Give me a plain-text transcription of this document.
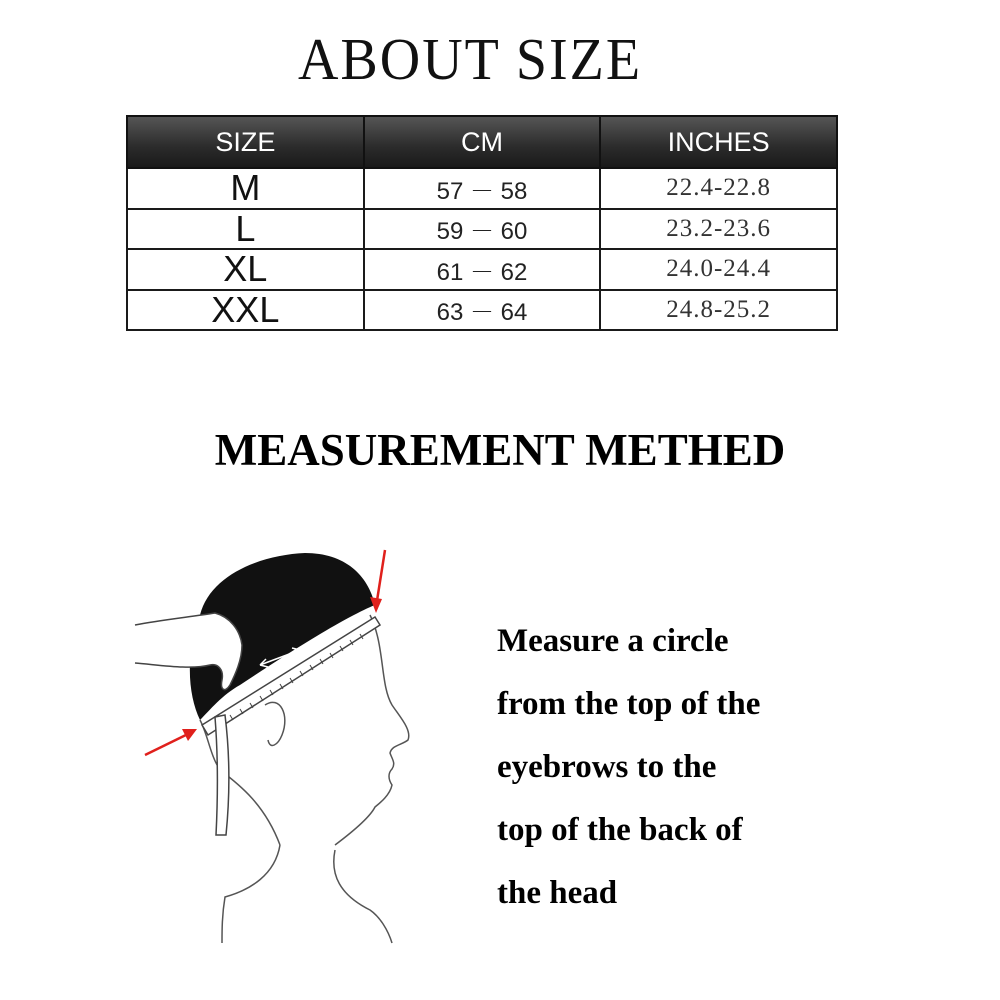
ABOUT SIZE
SIZE	CM	INCHES
M	57 － 58	22.4-22.8
L	59 － 60	23.2-23.6
XL	61 － 62	24.0-24.4
XXL	63 － 64	24.8-25.2
MEASUREMENT METHED
Measure a circle
from the top of the
eyebrows to the
top of the back of
the head
